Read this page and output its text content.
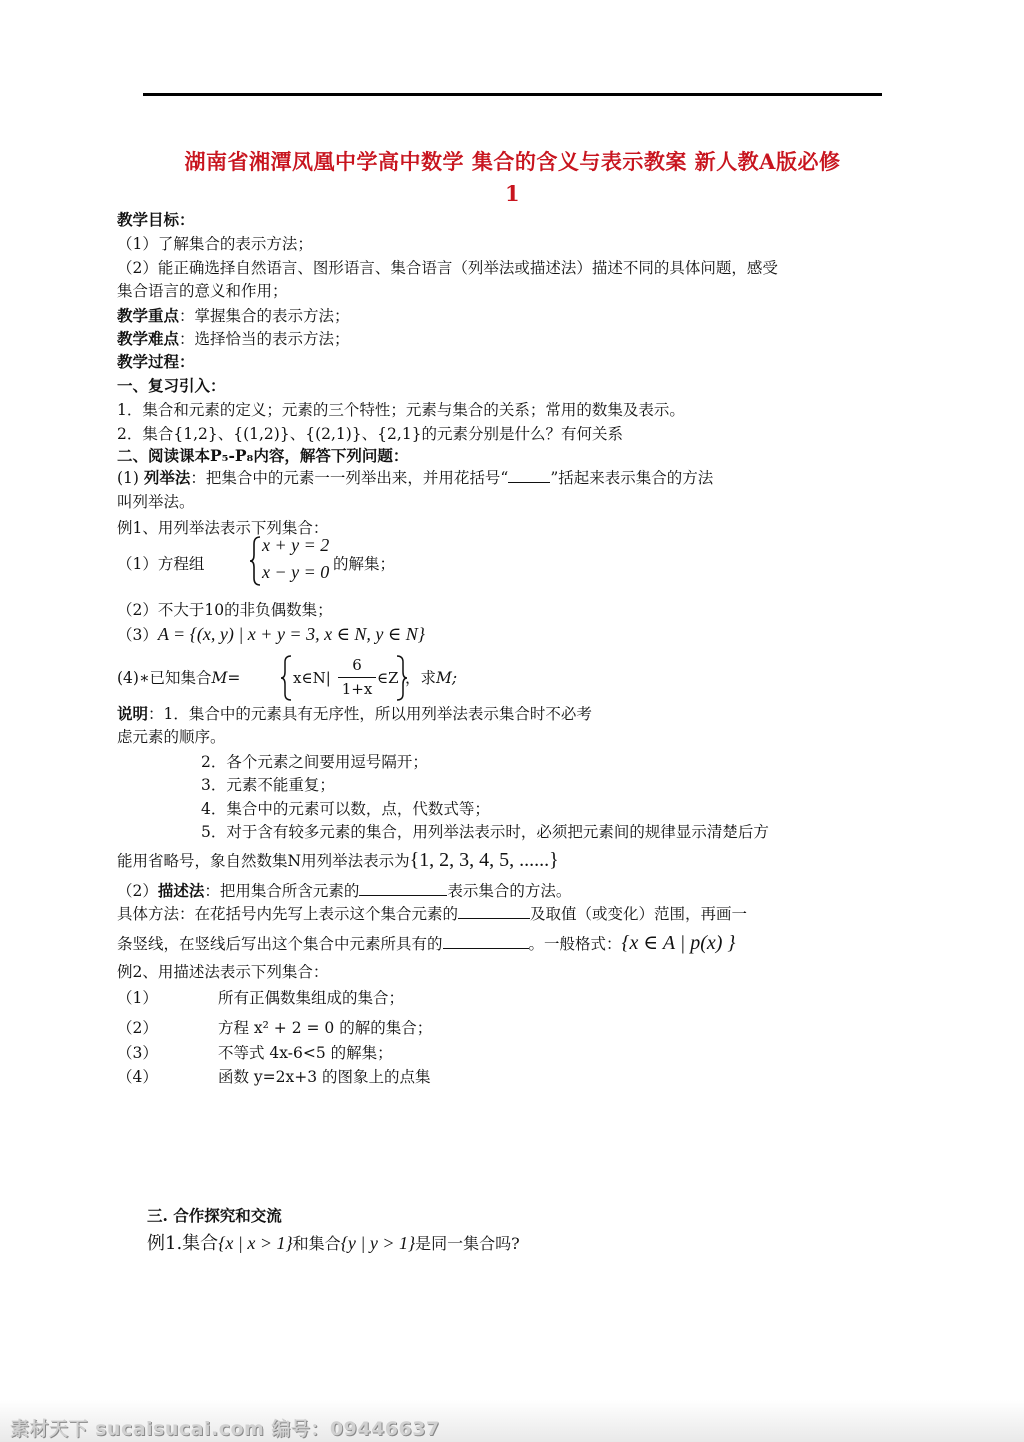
湖南省湘潭凤凰中学高中数学 集合的含义与表示教案 新人教A版必修
1
教学目标：
（1）了解集合的表示方法；
（2）能正确选择自然语言、图形语言、集合语言（列举法或描述法）描述不同的具体问题，感受
集合语言的意义和作用；
教学重点：掌握集合的表示方法；
教学难点：选择恰当的表示方法；
教学过程：
一、复习引入：
1．集合和元素的定义；元素的三个特性；元素与集合的关系；常用的数集及表示。
2．集合{1,2}、{(1,2)}、{(2,1)}、{2,1}的元素分别是什么？有何关系
二、阅读课本P₅-P₈内容，解答下列问题：
(1) 列举法：把集合中的元素一一列举出来，并用花括号“	”括起来表示集合的方法
叫列举法。
例1、用列举法表示下列集合：
（1）方程组
x + y = 2
x − y = 0 的解集；
（2）不大于10的非负偶数集；
（3）A = {(x, y) | x + y = 3, x ∈ N, y ∈ N}
(4)∗已知集合M=	x∈N|
6
1+x
∈Z ，求M;
说明：1．集合中的元素具有无序性，所以用列举法表示集合时不必考
虑元素的顺序。
2．各个元素之间要用逗号隔开；
3．元素不能重复；
4．集合中的元素可以数，点，代数式等；
5．对于含有较多元素的集合，用列举法表示时，必须把元素间的规律显示清楚后方
能用省略号，象自然数集N用列举法表示为{1, 2, 3, 4, 5, ......}
（2）描述法：把用集合所含元素的	表示集合的方法。
具体方法：在花括号内先写上表示这个集合元素的	及取值（或变化）范围，再画一
条竖线，在竖线后写出这个集合中元素所具有的	。一般格式：{x ∈ A | p(x) }
例2、用描述法表示下列集合：
（1）	所有正偶数集组成的集合；
（2）	方程 x² + 2 = 0 的解的集合；
（3）	不等式 4x-6<5 的解集；
（4）	函数 y=2x+3 的图象上的点集
三. 合作探究和交流
例1.集合{x | x > 1}和集合{y | y > 1}是同一集合吗?
素材天下 sucaisucai.com 编号：09446637
